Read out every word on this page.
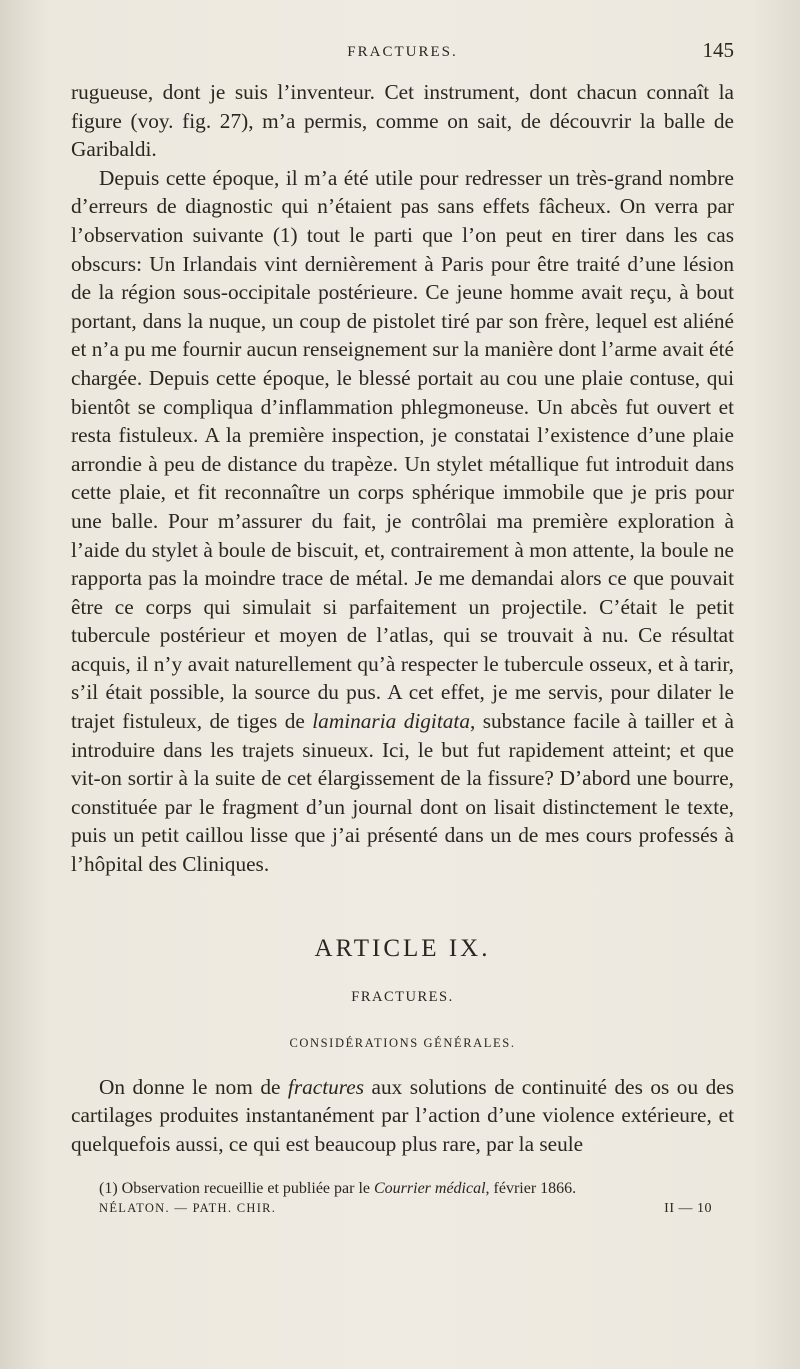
FRACTURES.	145

rugueuse, dont je suis l’inventeur. Cet instrument, dont chacun connaît la figure (voy. fig. 27), m’a permis, comme on sait, de découvrir la balle de Garibaldi.

Depuis cette époque, il m’a été utile pour redresser un très-grand nombre d’erreurs de diagnostic qui n’étaient pas sans effets fâcheux. On verra par l’observation suivante (1) tout le parti que l’on peut en tirer dans les cas obscurs: Un Irlandais vint dernièrement à Paris pour être traité d’une lésion de la région sous-occipitale postérieure. Ce jeune homme avait reçu, à bout portant, dans la nuque, un coup de pistolet tiré par son frère, lequel est aliéné et n’a pu me fournir aucun renseignement sur la manière dont l’arme avait été chargée. Depuis cette époque, le blessé portait au cou une plaie contuse, qui bientôt se compliqua d’inflammation phlegmoneuse. Un abcès fut ouvert et resta fistuleux. A la première inspection, je constatai l’existence d’une plaie arrondie à peu de distance du trapèze. Un stylet métallique fut introduit dans cette plaie, et fit reconnaître un corps sphérique immobile que je pris pour une balle. Pour m’assurer du fait, je contrôlai ma première exploration à l’aide du stylet à boule de biscuit, et, contrairement à mon attente, la boule ne rapporta pas la moindre trace de métal. Je me demandai alors ce que pouvait être ce corps qui simulait si parfaitement un projectile. C’était le petit tubercule postérieur et moyen de l’atlas, qui se trouvait à nu. Ce résultat acquis, il n’y avait naturellement qu’à respecter le tubercule osseux, et à tarir, s’il était possible, la source du pus. A cet effet, je me servis, pour dilater le trajet fistuleux, de tiges de laminaria digitata, substance facile à tailler et à introduire dans les trajets sinueux. Ici, le but fut rapidement atteint; et que vit-on sortir à la suite de cet élargissement de la fissure? D’abord une bourre, constituée par le fragment d’un journal dont on lisait distinctement le texte, puis un petit caillou lisse que j’ai présenté dans un de mes cours professés à l’hôpital des Cliniques.

ARTICLE IX.
FRACTURES.
CONSIDÉRATIONS GÉNÉRALES.

On donne le nom de fractures aux solutions de continuité des os ou des cartilages produites instantanément par l’action d’une violence extérieure, et quelquefois aussi, ce qui est beaucoup plus rare, par la seule

(1) Observation recueillie et publiée par le Courrier médical, février 1866.
NÉLATON. — PATH. CHIR.	II — 10
